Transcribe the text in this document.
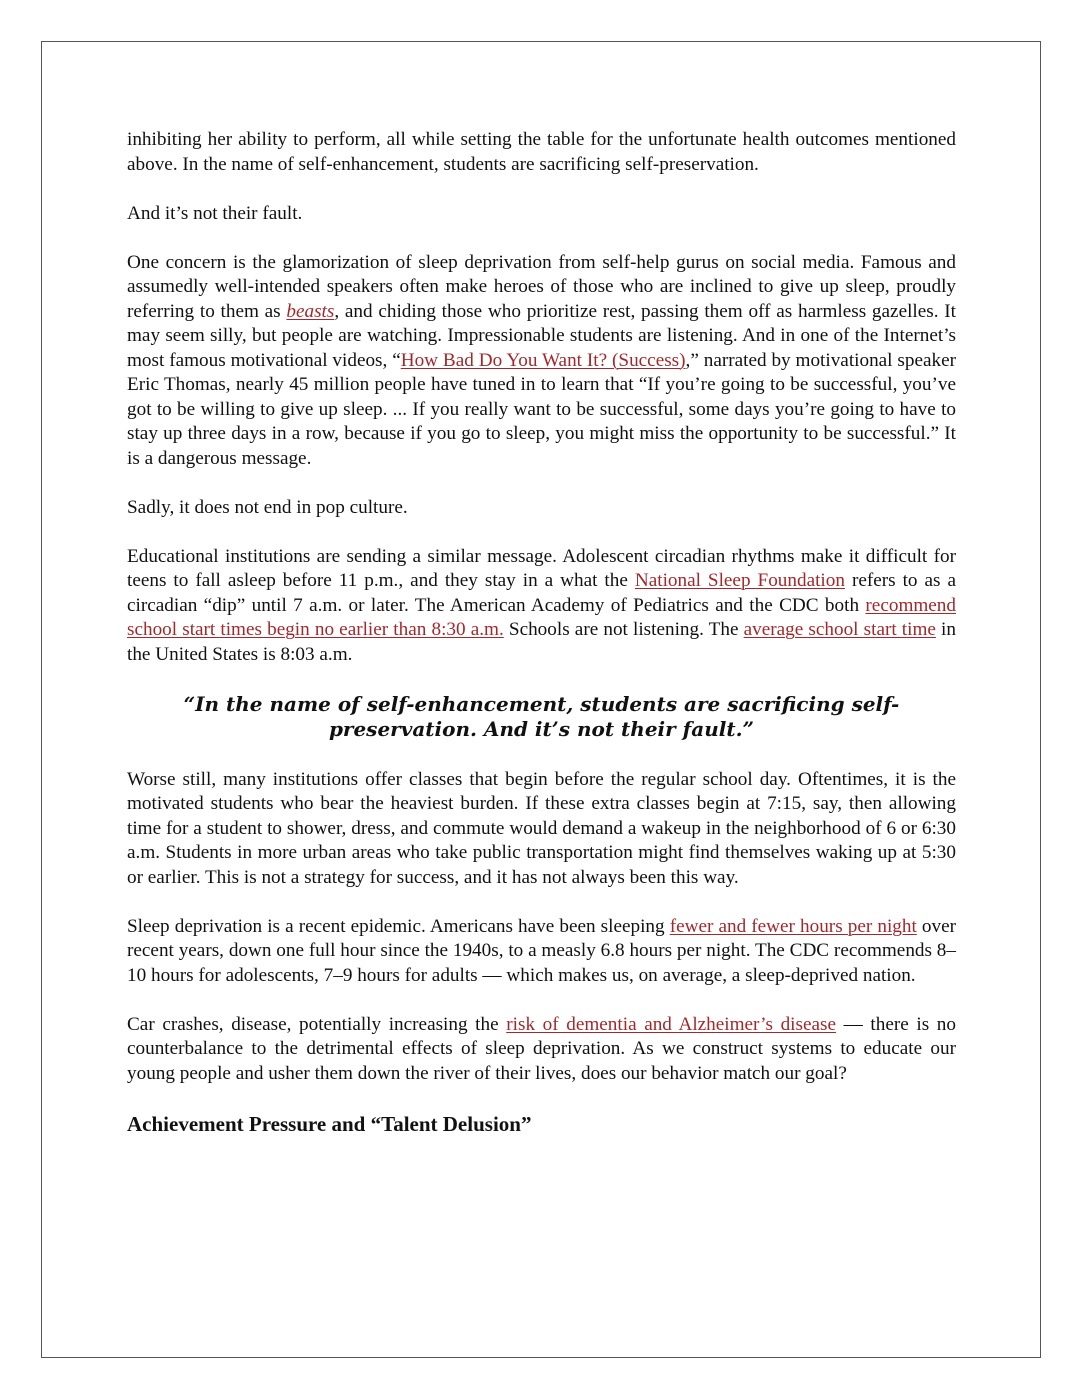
inhibiting her ability to perform, all while setting the table for the unfortunate health outcomes mentioned above. In the name of self-enhancement, students are sacrificing self-preservation.

And it’s not their fault.

One concern is the glamorization of sleep deprivation from self-help gurus on social media. Famous and assumedly well-intended speakers often make heroes of those who are inclined to give up sleep, proudly referring to them as beasts, and chiding those who prioritize rest, passing them off as harmless gazelles. It may seem silly, but people are watching. Impressionable students are listening. And in one of the Internet’s most famous motivational videos, “How Bad Do You Want It? (Success),” narrated by motivational speaker Eric Thomas, nearly 45 million people have tuned in to learn that “If you’re going to be successful, you’ve got to be willing to give up sleep. ... If you really want to be successful, some days you’re going to have to stay up three days in a row, because if you go to sleep, you might miss the opportunity to be successful.” It is a dangerous message.

Sadly, it does not end in pop culture.

Educational institutions are sending a similar message. Adolescent circadian rhythms make it difficult for teens to fall asleep before 11 p.m., and they stay in a what the National Sleep Foundation refers to as a circadian “dip” until 7 a.m. or later. The American Academy of Pediatrics and the CDC both recommend school start times begin no earlier than 8:30 a.m. Schools are not listening. The average school start time in the United States is 8:03 a.m.

“In the name of self-enhancement, students are sacrificing self-preservation. And it’s not their fault.”

Worse still, many institutions offer classes that begin before the regular school day. Oftentimes, it is the motivated students who bear the heaviest burden. If these extra classes begin at 7:15, say, then allowing time for a student to shower, dress, and commute would demand a wakeup in the neighborhood of 6 or 6:30 a.m. Students in more urban areas who take public transportation might find themselves waking up at 5:30 or earlier. This is not a strategy for success, and it has not always been this way.

Sleep deprivation is a recent epidemic. Americans have been sleeping fewer and fewer hours per night over recent years, down one full hour since the 1940s, to a measly 6.8 hours per night. The CDC recommends 8–10 hours for adolescents, 7–9 hours for adults — which makes us, on average, a sleep-deprived nation.

Car crashes, disease, potentially increasing the risk of dementia and Alzheimer’s disease — there is no counterbalance to the detrimental effects of sleep deprivation. As we construct systems to educate our young people and usher them down the river of their lives, does our behavior match our goal?

Achievement Pressure and “Talent Delusion”
